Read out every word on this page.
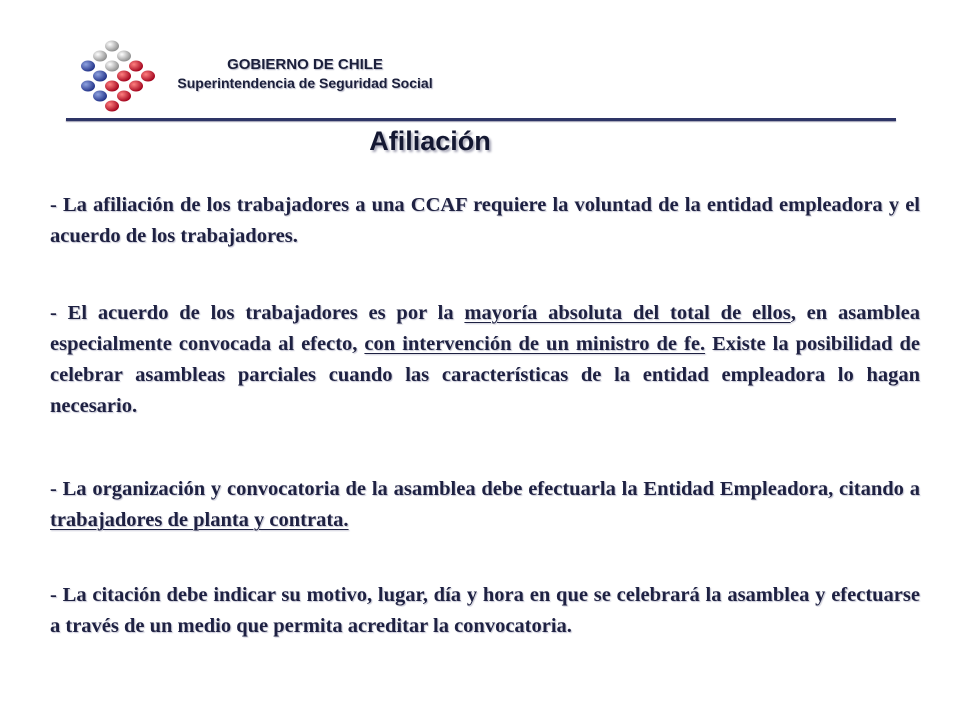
GOBIERNO DE CHILE
Superintendencia de Seguridad Social
Afiliación
- La afiliación de los trabajadores a una CCAF requiere la voluntad de la entidad empleadora y el acuerdo de los trabajadores.
- El acuerdo de los trabajadores es por la mayoría absoluta del total de ellos, en asamblea especialmente convocada al efecto, con intervención de un ministro de fe. Existe la posibilidad de celebrar asambleas parciales cuando las características de la entidad empleadora lo hagan necesario.
- La organización y convocatoria de la asamblea debe efectuarla la Entidad Empleadora, citando a trabajadores de planta y contrata.
- La citación debe indicar su motivo, lugar, día y hora en que se celebrará la asamblea y efectuarse a través de un medio que permita acreditar la convocatoria.
